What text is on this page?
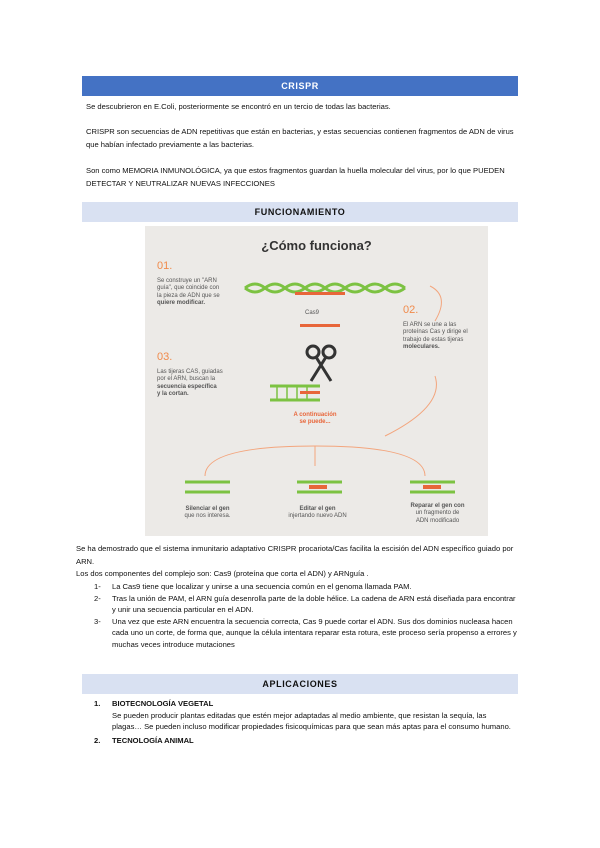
CRISPR
Se descubrieron en E.Coli, posteriormente se encontró en un tercio de todas las bacterias.
CRISPR son secuencias de ADN repetitivas que están en bacterias, y estas secuencias contienen fragmentos de ADN de virus que habían infectado previamente a las bacterias.
Son como MEMORIA INMUNOLÓGICA, ya que estos fragmentos guardan la huella molecular del virus, por lo que PUEDEN DETECTAR Y NEUTRALIZAR NUEVAS INFECCIONES
FUNCIONAMIENTO
¿Cómo funciona?
01.
Se construye un "ARN
guía", que coincide con
la pieza de ADN que se
quiere modificar.
Cas9	02.
El ARN se une a las
proteínas Cas y dirige el
trabajo de estas tijeras
moleculares.
03.
Las tijeras CAS, guiadas
por el ARN, buscan la
secuencia específica
y la cortan.
A continuación
se puede...
Silenciar el gen
que nos interesa.
Editar el gen
injertando nuevo ADN
Reparar el gen con
un fragmento de
ADN modificado
Se ha demostrado que el sistema inmunitario adaptativo CRISPR procariota/Cas facilita la escisión del ADN específico guiado por ARN.
Los dos componentes del complejo son: Cas9 (proteína que corta el ADN) y ARNguía .
1- La Cas9 tiene que localizar y unirse a una secuencia común en el genoma llamada PAM.
2- Tras la unión de PAM, el ARN guía desenrolla parte de la doble hélice. La cadena de ARN está diseñada para encontrar y unir una secuencia particular en el ADN.
3- Una vez que este ARN encuentra la secuencia correcta, Cas 9 puede cortar el ADN. Sus dos dominios nucleasa hacen cada uno un corte, de forma que, aunque la célula intentara reparar esta rotura, este proceso sería propenso a errores y muchas veces introduce mutaciones
APLICACIONES
1. BIOTECNOLOGÍA VEGETAL
Se pueden producir plantas editadas que estén mejor adaptadas al medio ambiente, que resistan la sequía, las plagas… Se pueden incluso modificar propiedades fisicoquímicas para que sean más aptas para el consumo humano.
2. TECNOLOGÍA ANIMAL
